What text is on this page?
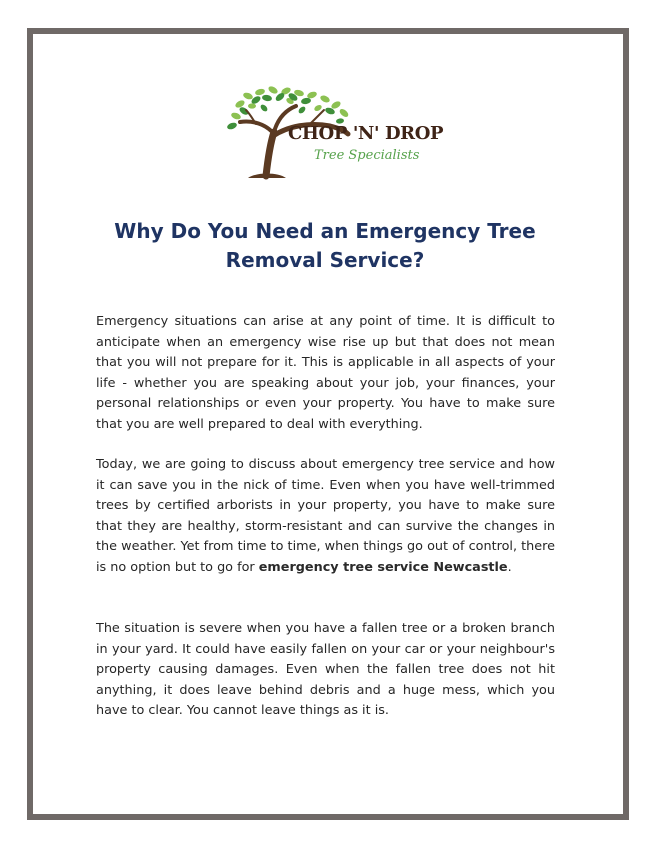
CHOP 'N' DROP
Tree Specialists
Why Do You Need an Emergency Tree Removal Service?

Emergency situations can arise at any point of time. It is difficult to anticipate when an emergency wise rise up but that does not mean that you will not prepare for it. This is applicable in all aspects of your life - whether you are speaking about your job, your finances, your personal relationships or even your property. You have to make sure that you are well prepared to deal with everything.

Today, we are going to discuss about emergency tree service and how it can save you in the nick of time. Even when you have well-trimmed trees by certified arborists in your property, you have to make sure that they are healthy, storm-resistant and can survive the changes in the weather. Yet from time to time, when things go out of control, there is no option but to go for emergency tree service Newcastle.

The situation is severe when you have a fallen tree or a broken branch in your yard. It could have easily fallen on your car or your neighbour's property causing damages. Even when the fallen tree does not hit anything, it does leave behind debris and a huge mess, which you have to clear. You cannot leave things as it is.
